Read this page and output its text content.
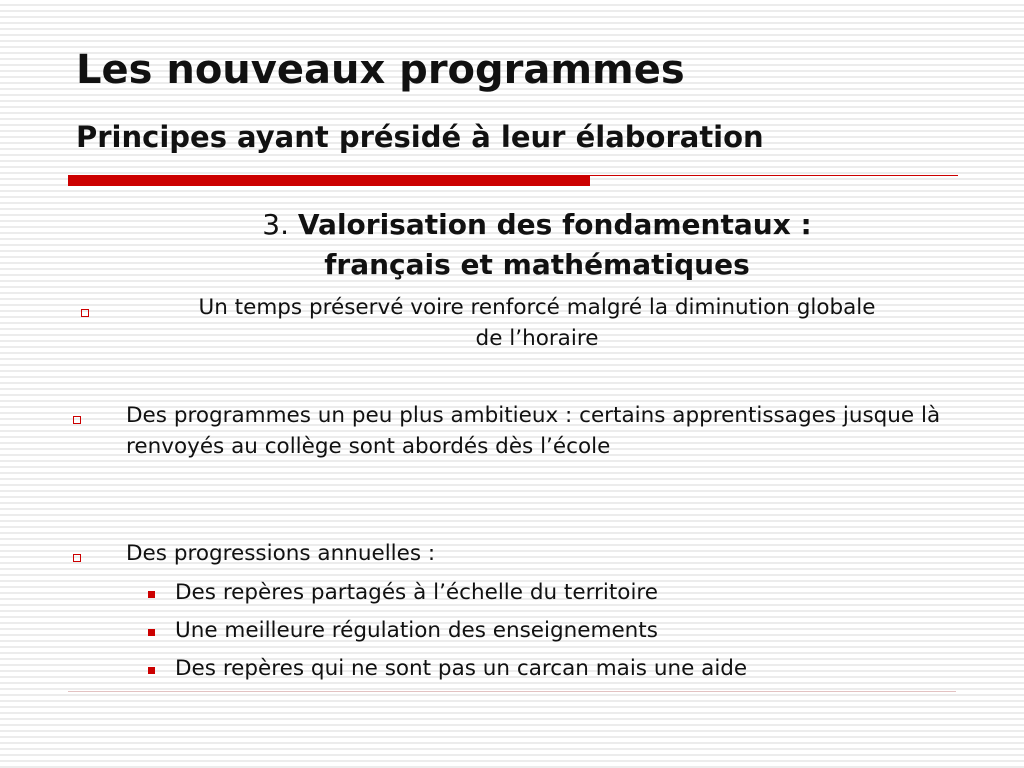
Les nouveaux programmes
Principes ayant présidé à leur élaboration
3. Valorisation des fondamentaux :
français et mathématiques
Un temps préservé voire renforcé malgré la diminution globale
de l’horaire

Des programmes un peu plus ambitieux : certains apprentissages jusque là renvoyés au collège sont abordés dès l’école

Des progressions annuelles :

Des repères partagés à l’échelle du territoire

Une meilleure régulation des enseignements

Des repères qui ne sont pas un carcan mais une aide
